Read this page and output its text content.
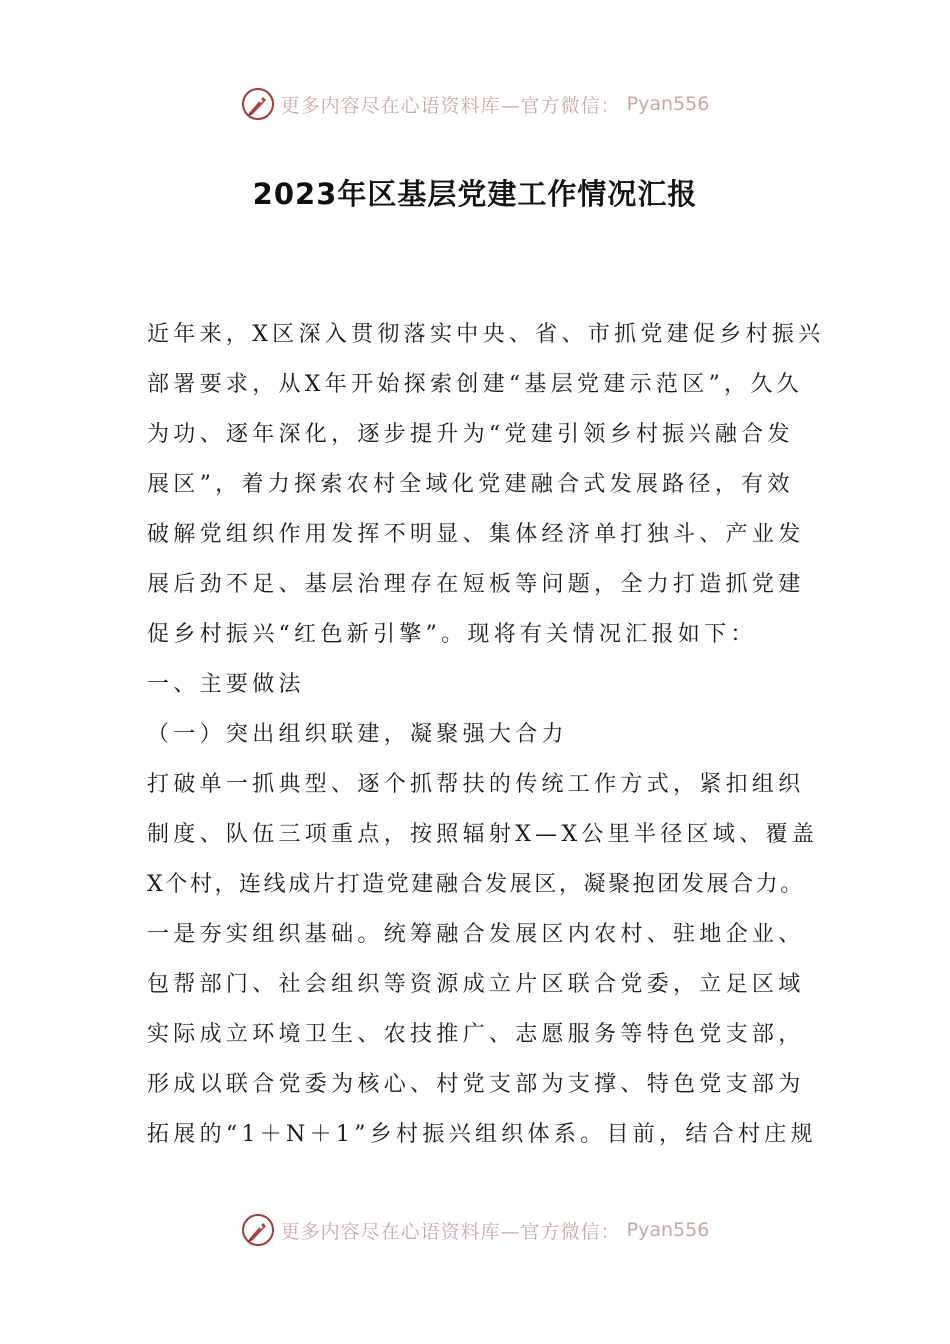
更多内容尽在心语资料库—官方微信： Pyan556
2023年区基层党建工作情况汇报
近年来，X区深入贯彻落实中央、省、市抓党建促乡村振兴
部署要求，从X年开始探索创建“基层党建示范区”，久久
为功、逐年深化，逐步提升为“党建引领乡村振兴融合发
展区”，着力探索农村全域化党建融合式发展路径，有效
破解党组织作用发挥不明显、集体经济单打独斗、产业发
展后劲不足、基层治理存在短板等问题，全力打造抓党建
促乡村振兴“红色新引擎”。现将有关情况汇报如下：
一、主要做法
（一）突出组织联建，凝聚强大合力
打破单一抓典型、逐个抓帮扶的传统工作方式，紧扣组织
制度、队伍三项重点，按照辐射X—X公里半径区域、覆盖
X个村，连线成片打造党建融合发展区，凝聚抱团发展合力。
一是夯实组织基础。统筹融合发展区内农村、驻地企业、
包帮部门、社会组织等资源成立片区联合党委，立足区域
实际成立环境卫生、农技推广、志愿服务等特色党支部，
形成以联合党委为核心、村党支部为支撑、特色党支部为
拓展的“1＋N＋1”乡村振兴组织体系。目前，结合村庄规
更多内容尽在心语资料库—官方微信： Pyan556
